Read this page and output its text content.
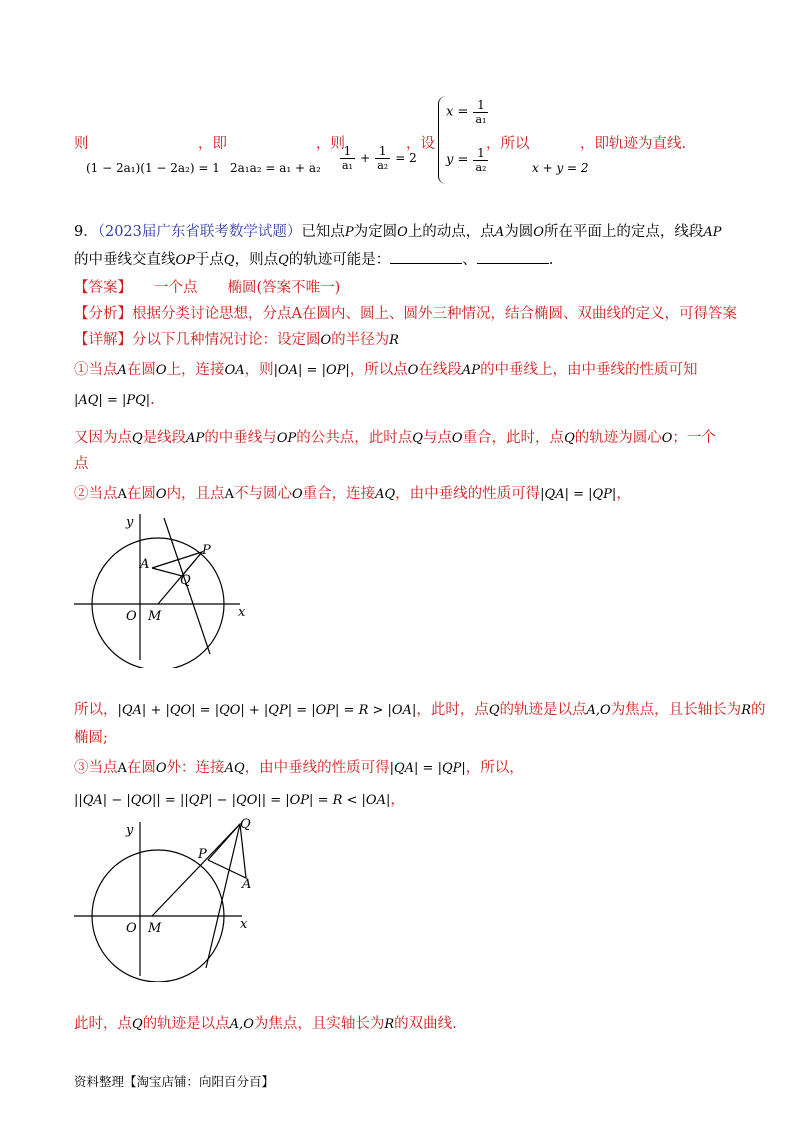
则	，即	，则	，设	，所以	，即轨迹为直线.
(1 − 2a₁)(1 − 2a₂) = 1 $2a_1a_2 = a_1 + a_2 \frac{1}{\text{a₁}} + \frac{1}{\text{a₂}} = 2$
$x = \frac{1}{\text{a₁}}$
$y = \frac{1}{\text{a₂}}$	x + y = 2
9．（2023届广东省联考数学试题）已知点P为定圆O上的动点，点A为圆O所在平面上的定点，线段AP
的中垂线交直线OP于点Q，则点Q的轨迹可能是：	、	.
【答案】 一个点 椭圆(答案不唯一)
【分析】根据分类讨论思想，分点A在圆内、圆上、圆外三种情况，结合椭圆、双曲线的定义，可得答案
【详解】分以下几种情况讨论：设定圆O的半径为R
①当点A在圆O上，连接OA，则|OA| = |OP|，所以点O在线段AP的中垂线上，由中垂线的性质可知
|AQ| = |PQ|.
又因为点Q是线段AP的中垂线与OP的公共点，此时点Q与点O重合，此时，点Q的轨迹为圆心O；一个
点
②当点A在圆O内，且点A不与圆心O重合，连接AQ，由中垂线的性质可得|QA| = |QP|，
y
x
O M
A
P
Q
所以，|QA| + |QO| = |QO| + |QP| = |OP| = R > |OA|，此时，点Q的轨迹是以点A,O为焦点，且长轴长为R的
椭圆;
③当点A在圆O外：连接AQ，由中垂线的性质可得|QA| = |QP|，所以，
||QA| − |QO|| = ||QP| − |QO|| = |OP| = R < |OA|，
y
x
O M
A
P
Q
此时，点Q的轨迹是以点A,O为焦点，且实轴长为R的双曲线.
资料整理【淘宝店铺：向阳百分百】
